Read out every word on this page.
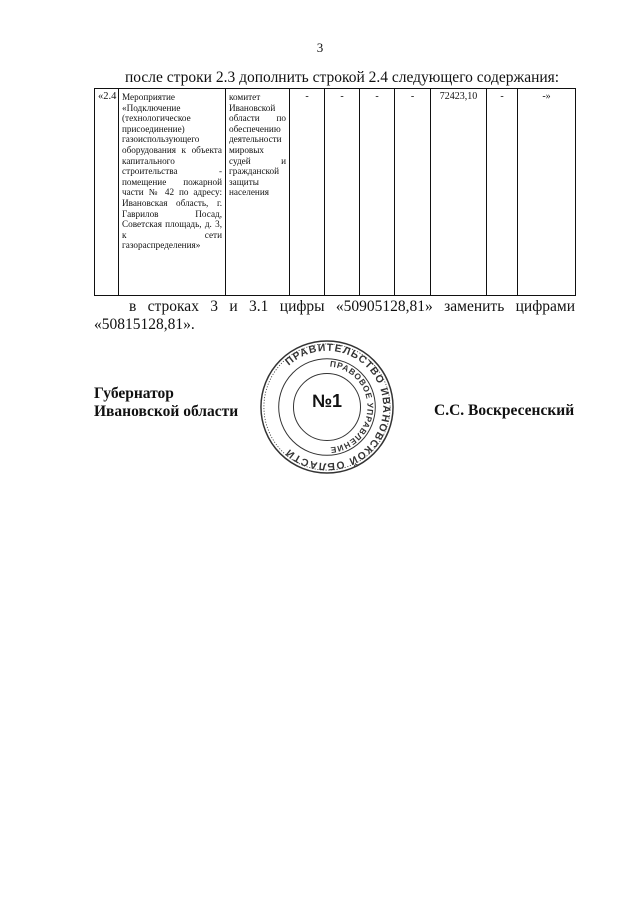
3
после строки 2.3 дополнить строкой 2.4 следующего содержания:
«2.4	Мероприятие «Подключение (технологическое присоединение) газоиспользующего оборудования к объекта капитального строительства - помещение пожарной части № 42 по адресу: Ивановская область, г. Гаврилов Посад, Советская площадь, д. 3, к сети газораспределения»	комитет Ивановской области по обеспечению деятельности мировых судей и гражданской защиты населения	-	-	-	-	72423,10	-	-»
в строках 3 и 3.1 цифры «50905128,81» заменить цифрами
«50815128,81».
Губернатор
Ивановской области
ПРАВИТЕЛЬСТВО ИВАНОВСКОЙ ОБЛАСТИ
ПРАВОВОЕ УПРАВЛЕНИЕ
№1	С.С. Воскресенский
